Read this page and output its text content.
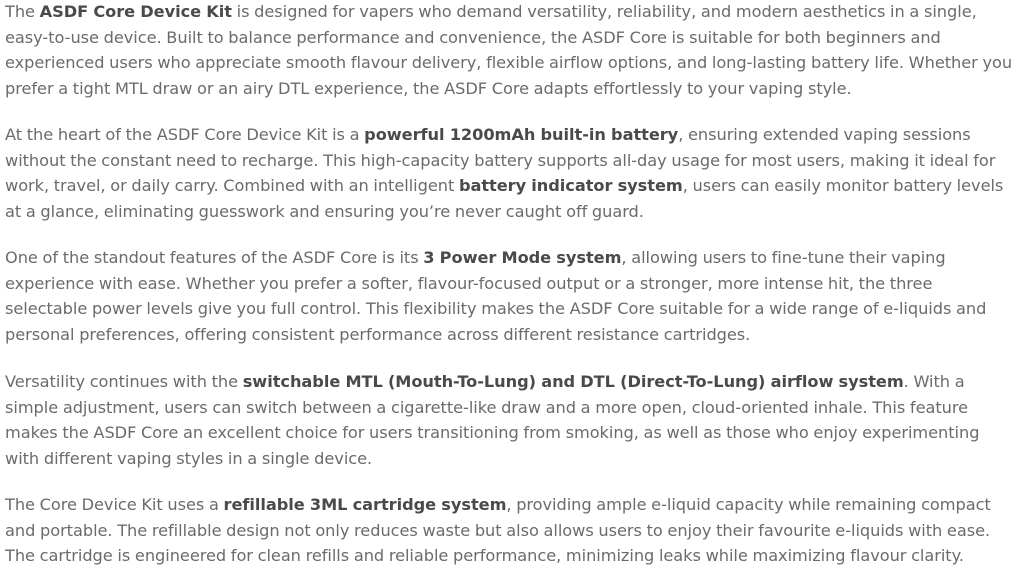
The ASDF Core Device Kit is designed for vapers who demand versatility, reliability, and modern aesthetics in a single, easy-to-use device. Built to balance performance and convenience, the ASDF Core is suitable for both beginners and experienced users who appreciate smooth flavour delivery, flexible airflow options, and long-lasting battery life. Whether you prefer a tight MTL draw or an airy DTL experience, the ASDF Core adapts effortlessly to your vaping style.

At the heart of the ASDF Core Device Kit is a powerful 1200mAh built-in battery, ensuring extended vaping sessions without the constant need to recharge. This high-capacity battery supports all-day usage for most users, making it ideal for work, travel, or daily carry. Combined with an intelligent battery indicator system, users can easily monitor battery levels at a glance, eliminating guesswork and ensuring you’re never caught off guard.

One of the standout features of the ASDF Core is its 3 Power Mode system, allowing users to fine-tune their vaping experience with ease. Whether you prefer a softer, flavour-focused output or a stronger, more intense hit, the three selectable power levels give you full control. This flexibility makes the ASDF Core suitable for a wide range of e-liquids and personal preferences, offering consistent performance across different resistance cartridges.

Versatility continues with the switchable MTL (Mouth-To-Lung) and DTL (Direct-To-Lung) airflow system. With a simple adjustment, users can switch between a cigarette-like draw and a more open, cloud-oriented inhale. This feature makes the ASDF Core an excellent choice for users transitioning from smoking, as well as those who enjoy experimenting with different vaping styles in a single device.

The Core Device Kit uses a refillable 3ML cartridge system, providing ample e-liquid capacity while remaining compact and portable. The refillable design not only reduces waste but also allows users to enjoy their favourite e-liquids with ease. The cartridge is engineered for clean refills and reliable performance, minimizing leaks while maximizing flavour clarity.
